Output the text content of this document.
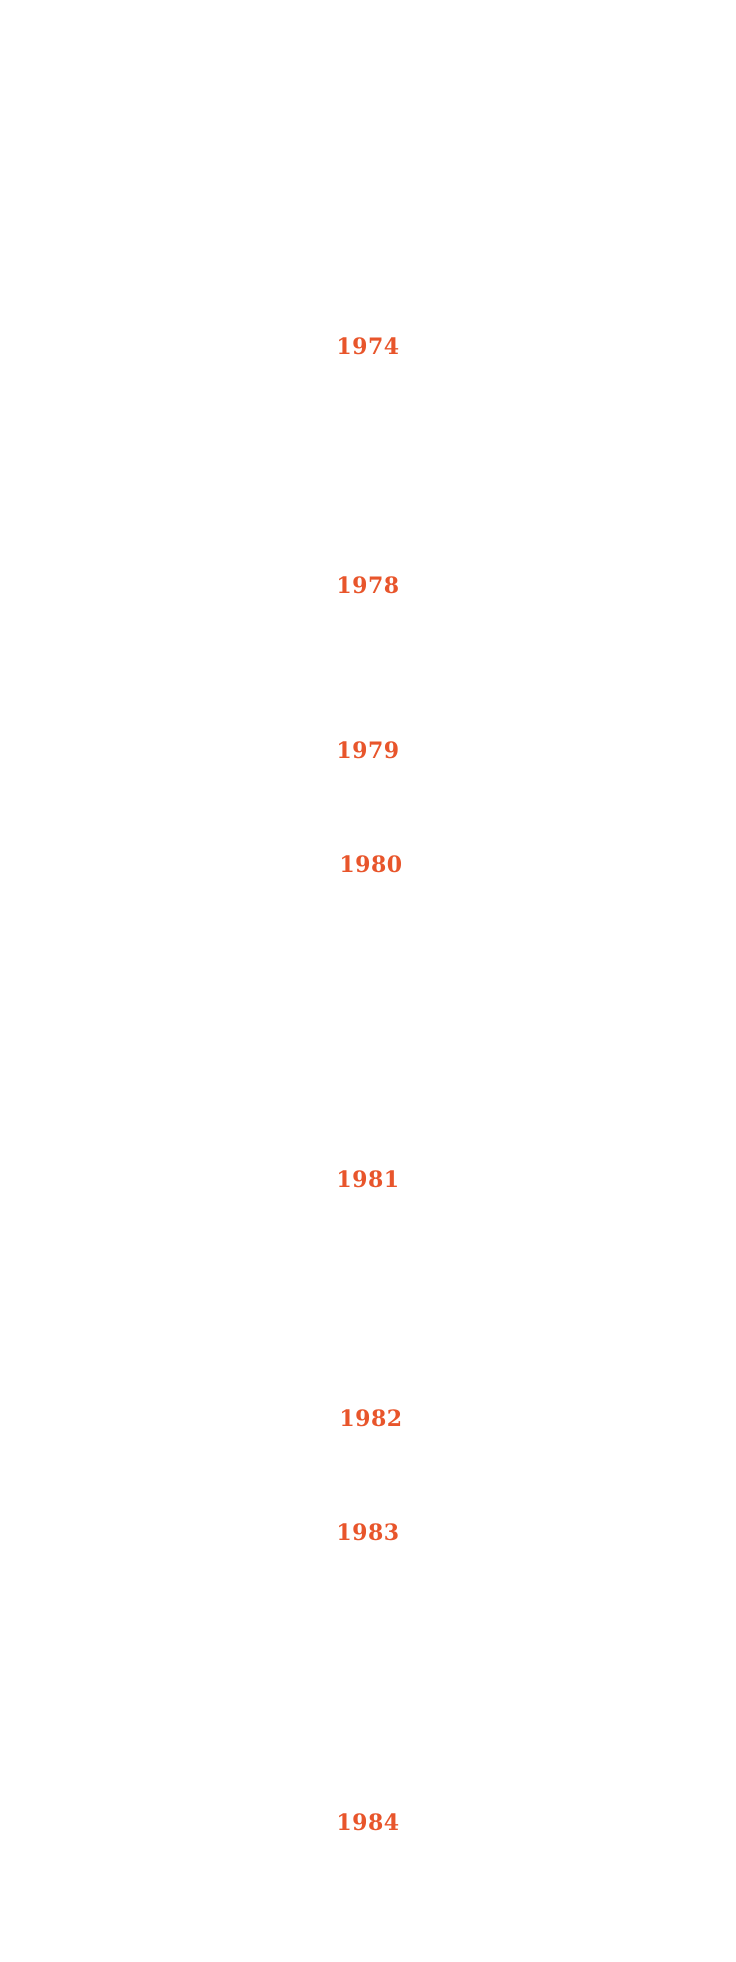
1974
1978
1979
1980
1981
1982
1983
1984
